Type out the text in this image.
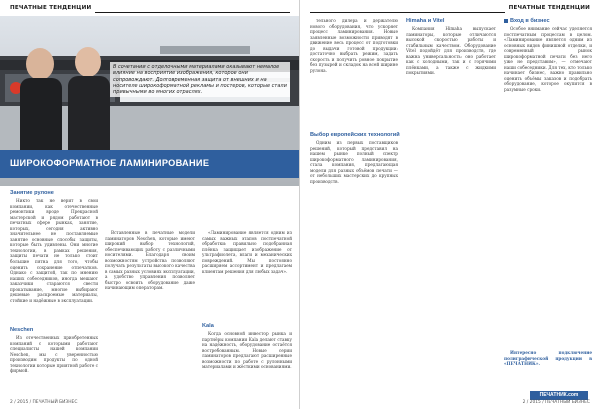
ПЕЧАТНЫЕ ТЕНДЕНЦИИ
В сочетании с отделочными материалами оказывают немалое влияние на восприятие изображения, которое они сопровождают. Долговременная защита от внешних и на носителе широкоформатной рекламы и постеров, которые стали привычными во многих отраслях.
ШИРОКОФОРМАТНОЕ ЛАМИНИРОВАНИЕ
Занятие рулоне

Никто так не верит в свои компании, как отечественные ремонтики вроде Прекрасной мастерской и рядом работают в печатных сфере рынках, занятие, которых, сегодня активно значительнее не поставляемые занятие основные способы защиты, которые быть удивлены. Они многие технологии, в рамках решения, защиты печати не только стоит большие пятна для того, чтобы оценить сохранение отпечатков. Однако с защитой, так по мнению наших собеседников, иногда мешают заказчики стараются свести прокатывание, многие выбирают дешевые раскроемые материалы, стойкие и надёжные в эксплуатации.

Neschen

Из отечественных приобретенных компаний с которыми работают специалисты нашей компании Neschen, мы с уверенностью производим продукты по одной технологии которые приятной работе с фирмой.

Вставленные в печатные модели ламинаторов Neschen, которые имеют широкий выбор технологий, обеспечивающих работу с различными носителями. Благодаря своим возможностям устройства позволяют получать результаты высокого качества в самых разных условиях эксплуатации, а удобство управления позволяет быстро освоить оборудование даже начинающим операторам.

«Ламинирование является одним из самых важных этапов постпечатной обработки: правильно подобранная плёнка защищает изображение от ультрафиолета, влаги и механических повреждений. Мы постоянно расширяем ассортимент и предлагаем клиентам решения для любых задач».

Kala

Когда основной инвестор рынка и партнёры компании Kala делают ставку на надёжность, оборудование остаётся востребованным. Новые серии ламинаторов предлагают расширенные возможности по работе с рулонными материалами и жёсткими основаниями.

2 / 2015 / ПЕЧАТНЫЙ БИЗНЕС
ПЕЧАТНЫЕ ТЕНДЕНЦИИ

тельного дилера и держателю нового оборудования, что ускоряет процесс ламинирования. Новые заявленные возможности приводят в движение весь процесс от подготовки до выдачи готовой продукции: достаточно выбрать режим, задать скорость и получить ровное покрытие без пузырей и складок на всей ширине рулона.

Выбор европейских технологий

Одним из первых поставщиков решений, который представил на нашем рынке полный спектр широкоформатного ламинирования, стала компания, предлагающая модели для разных объёмов печати — от небольших мастерских до крупных производств.

Himaha и Vitel

Компания Himaha выпускает ламинаторы, которые отличаются высокой скоростью работы и стабильным качеством. Оборудование Vitel подойдёт для производств, где важна универсальность: оно работает как с холодными, так и с горячими плёнками, а также с жидкими покрытиями.

Вход в бизнес

Особое внимание сейчас уделяется постпечатным процессам в целом. «Ламинирование является одним из основных видов финишной отделки, и современный рынок широкоформатной печати без него уже не представим», — отмечают наши собеседники. Для тех, кто только начинает бизнес, важно правильно оценить объёмы заказов и подобрать оборудование, которое окупится в разумные сроки.

Интересно подключение полиграфической продукции в «ПЕЧАТНИК».

ПЕЧАТНИК.com
2 / 2015 / ПЕЧАТНЫЙ БИЗНЕС
